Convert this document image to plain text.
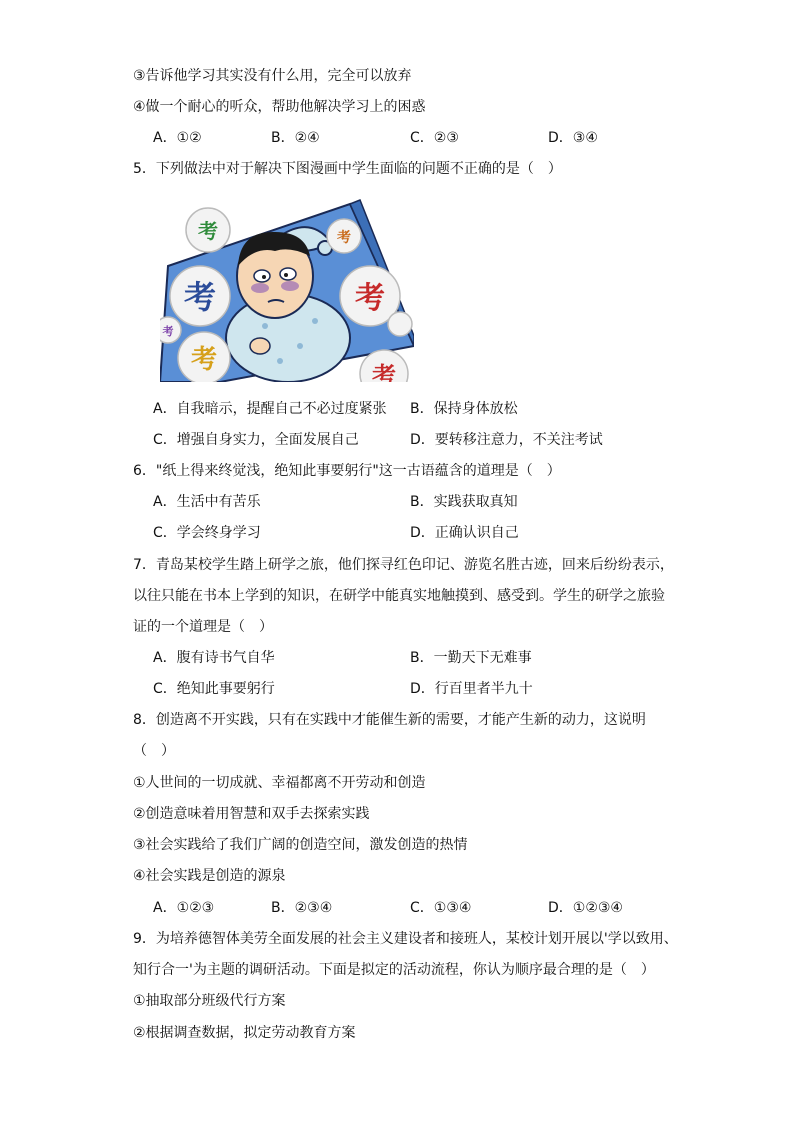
③告诉他学习其实没有什么用，完全可以放弃
④做一个耐心的听众，帮助他解决学习上的困惑
A．①②	B．②④	C．②③	D．③④
5．下列做法中对于解决下图漫画中学生面临的问题不正确的是（　）
考	考
考	考
考
考
考
A．自我暗示，提醒自己不必过度紧张 B．保持身体放松
C．增强自身实力，全面发展自己	D．要转移注意力，不关注考试
6．"纸上得来终觉浅，绝知此事要躬行"这一古语蕴含的道理是（　）
A．生活中有苦乐	B．实践获取真知
C．学会终身学习	D．正确认识自己
7．青岛某校学生踏上研学之旅，他们探寻红色印记、游览名胜古迹，回来后纷纷表示，
以往只能在书本上学到的知识，在研学中能真实地触摸到、感受到。学生的研学之旅验
证的一个道理是（　）
A．腹有诗书气自华	B．一勤天下无难事
C．绝知此事要躬行	D．行百里者半九十
8．创造离不开实践，只有在实践中才能催生新的需要，才能产生新的动力，这说明
（　）
①人世间的一切成就、幸福都离不开劳动和创造
②创造意味着用智慧和双手去探索实践
③社会实践给了我们广阔的创造空间，激发创造的热情
④社会实践是创造的源泉
A．①②③	B．②③④	C．①③④	D．①②③④
9．为培养德智体美劳全面发展的社会主义建设者和接班人，某校计划开展以'学以致用、
知行合一'为主题的调研活动。下面是拟定的活动流程，你认为顺序最合理的是（　）
①抽取部分班级代行方案
②根据调查数据，拟定劳动教育方案
